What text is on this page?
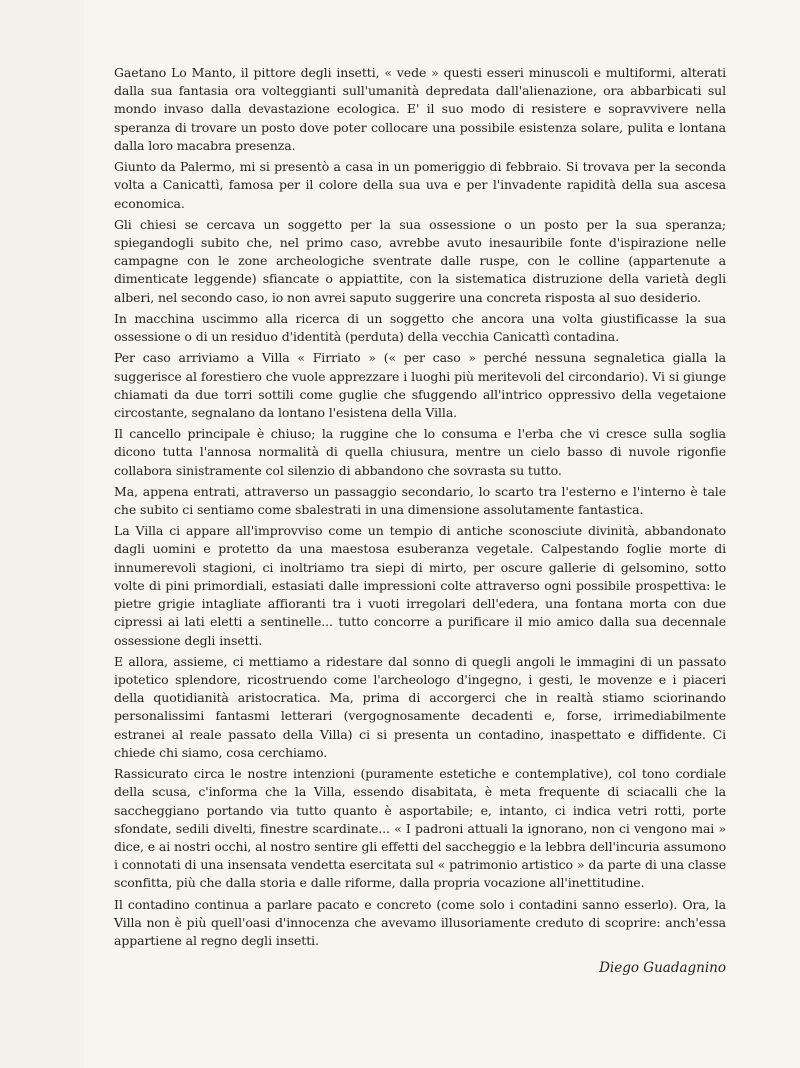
Gaetano Lo Manto, il pittore degli insetti, « vede » questi esseri minuscoli e multiformi, alterati dalla sua fantasia ora volteggianti sull'umanità depredata dall'alienazione, ora abbarbicati sul mondo invaso dalla devastazione ecologica. E' il suo modo di resistere e sopravvivere nella speranza di trovare un posto dove poter collocare una possibile esistenza solare, pulita e lontana dalla loro macabra presenza.

Giunto da Palermo, mi si presentò a casa in un pomeriggio di febbraio. Si trovava per la seconda volta a Canicattì, famosa per il colore della sua uva e per l'invadente rapidità della sua ascesa economica.

Gli chiesi se cercava un soggetto per la sua ossessione o un posto per la sua speranza; spiegandogli subito che, nel primo caso, avrebbe avuto inesauribile fonte d'ispirazione nelle campagne con le zone archeologiche sventrate dalle ruspe, con le colline (appartenute a dimenticate leggende) sfiancate o appiattite, con la sistematica distruzione della varietà degli alberi, nel secondo caso, io non avrei saputo suggerire una concreta risposta al suo desiderio.

In macchina uscimmo alla ricerca di un soggetto che ancora una volta giustificasse la sua ossessione o di un residuo d'identità (perduta) della vecchia Canicattì contadina.

Per caso arriviamo a Villa « Firriato » (« per caso » perché nessuna segnaletica gialla la suggerisce al forestiero che vuole apprezzare i luoghi più meritevoli del circondario). Vi si giunge chiamati da due torri sottili come guglie che sfuggendo all'intrico oppressivo della vegetaione circostante, segnalano da lontano l'esistena della Villa.

Il cancello principale è chiuso; la ruggine che lo consuma e l'erba che vi cresce sulla soglia dicono tutta l'annosa normalità di quella chiusura, mentre un cielo basso di nuvole rigonfie collabora sinistramente col silenzio di abbandono che sovrasta su tutto.

Ma, appena entrati, attraverso un passaggio secondario, lo scarto tra l'esterno e l'interno è tale che subito ci sentiamo come sbalestrati in una dimensione assolutamente fantastica.

La Villa ci appare all'improvviso come un tempio di antiche sconosciute divinità, abbandonato dagli uomini e protetto da una maestosa esuberanza vegetale. Calpestando foglie morte di innumerevoli stagioni, ci inoltriamo tra siepi di mirto, per oscure gallerie di gelsomino, sotto volte di pini primordiali, estasiati dalle impressioni colte attraverso ogni possibile prospettiva: le pietre grigie intagliate affioranti tra i vuoti irregolari dell'edera, una fontana morta con due cipressi ai lati eletti a sentinelle... tutto concorre a purificare il mio amico dalla sua decennale ossessione degli insetti.

E allora, assieme, ci mettiamo a ridestare dal sonno di quegli angoli le immagini di un passato ipotetico splendore, ricostruendo come l'archeologo d'ingegno, i gesti, le movenze e i piaceri della quotidianità aristocratica. Ma, prima di accorgerci che in realtà stiamo sciorinando personalissimi fantasmi letterari (vergognosamente decadenti e, forse, irrimediabilmente estranei al reale passato della Villa) ci si presenta un contadino, inaspettato e diffidente. Ci chiede chi siamo, cosa cerchiamo.

Rassicurato circa le nostre intenzioni (puramente estetiche e contemplative), col tono cordiale della scusa, c'informa che la Villa, essendo disabitata, è meta frequente di sciacalli che la saccheggiano portando via tutto quanto è asportabile; e, intanto, ci indica vetri rotti, porte sfondate, sedili divelti, finestre scardinate... « I padroni attuali la ignorano, non ci vengono mai » dice, e ai nostri occhi, al nostro sentire gli effetti del saccheggio e la lebbra dell'incuria assumono i connotati di una insensata vendetta esercitata sul « patrimonio artistico » da parte di una classe sconfitta, più che dalla storia e dalle riforme, dalla propria vocazione all'inettitudine.

Il contadino continua a parlare pacato e concreto (come solo i contadini sanno esserlo). Ora, la Villa non è più quell'oasi d'innocenza che avevamo illusoriamente creduto di scoprire: anch'essa appartiene al regno degli insetti.

Diego Guadagnino
